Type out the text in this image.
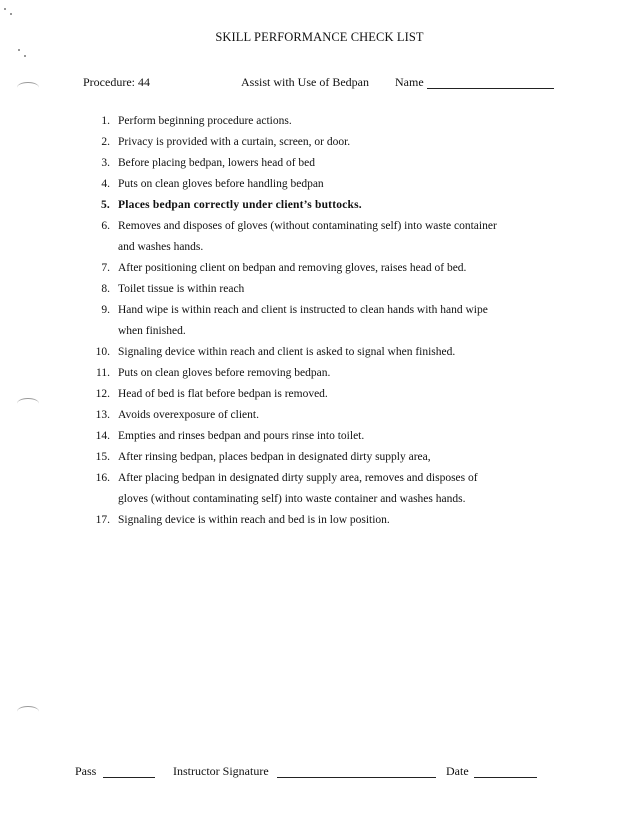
SKILL PERFORMANCE CHECK LIST
Procedure: 44	Assist with Use of Bedpan Name
1. Perform beginning procedure actions.
2. Privacy is provided with a curtain, screen, or door.
3. Before placing bedpan, lowers head of bed
4. Puts on clean gloves before handling bedpan
5. Places bedpan correctly under client’s buttocks.
6. Removes and disposes of gloves (without contaminating self) into waste container
and washes hands.
7. After positioning client on bedpan and removing gloves, raises head of bed.
8. Toilet tissue is within reach
9. Hand wipe is within reach and client is instructed to clean hands with hand wipe
when finished.
10. Signaling device within reach and client is asked to signal when finished.
11. Puts on clean gloves before removing bedpan.
12. Head of bed is flat before bedpan is removed.
13. Avoids overexposure of client.
14. Empties and rinses bedpan and pours rinse into toilet.
15. After rinsing bedpan, places bedpan in designated dirty supply area,
16. After placing bedpan in designated dirty supply area, removes and disposes of
gloves (without contaminating self) into waste container and washes hands.
17. Signaling device is within reach and bed is in low position.
Pass	Instructor Signature	Date
